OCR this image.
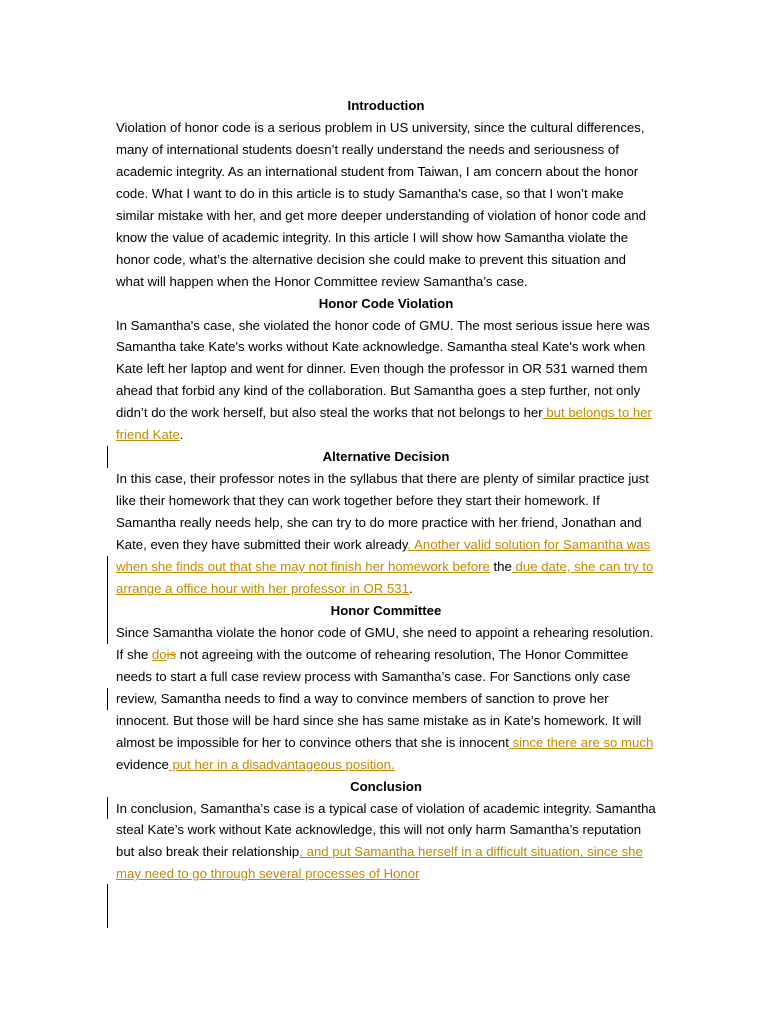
Introduction

Violation of honor code is a serious problem in US university, since the cultural differences, many of international students doesn’t really understand the needs and seriousness of academic integrity. As an international student from Taiwan, I am concern about the honor code. What I want to do in this article is to study Samantha's case, so that I won’t make similar mistake with her, and get more deeper understanding of violation of honor code and know the value of academic integrity. In this article I will show how Samantha violate the honor code, what’s the alternative decision she could make to prevent this situation and what will happen when the Honor Committee review Samantha’s case.

Honor Code Violation

In Samantha's case, she violated the honor code of GMU. The most serious issue here was Samantha take Kate's works without Kate acknowledge. Samantha steal Kate's work when Kate left her laptop and went for dinner. Even though the professor in OR 531 warned them ahead that forbid any kind of the collaboration. But Samantha goes a step further, not only didn’t do the work herself, but also steal the works that not belongs to her but belongs to her friend Kate.

Alternative Decision

In this case, their professor notes in the syllabus that there are plenty of similar practice just like their homework that they can work together before they start their homework. If Samantha really needs help, she can try to do more practice with her friend, Jonathan and Kate, even they have submitted their work already. Another valid solution for Samantha was when she finds out that she may not finish her homework before the due date, she can try to arrange a office hour with her professor in OR 531.

Honor Committee

Since Samantha violate the honor code of GMU, she need to appoint a rehearing resolution. If she dois not agreeing with the outcome of rehearing resolution, The Honor Committee needs to start a full case review process with Samantha’s case. For Sanctions only case review, Samantha needs to find a way to convince members of sanction to prove her innocent. But those will be hard since she has same mistake as in Kate’s homework. It will almost be impossible for her to convince others that she is innocent since there are so much evidence put her in a disadvantageous position.

Conclusion

In conclusion, Samantha’s case is a typical case of violation of academic integrity. Samantha steal Kate’s work without Kate acknowledge, this will not only harm Samantha’s reputation but also break their relationship, and put Samantha herself in a difficult situation, since she may need to go through several processes of Honor
